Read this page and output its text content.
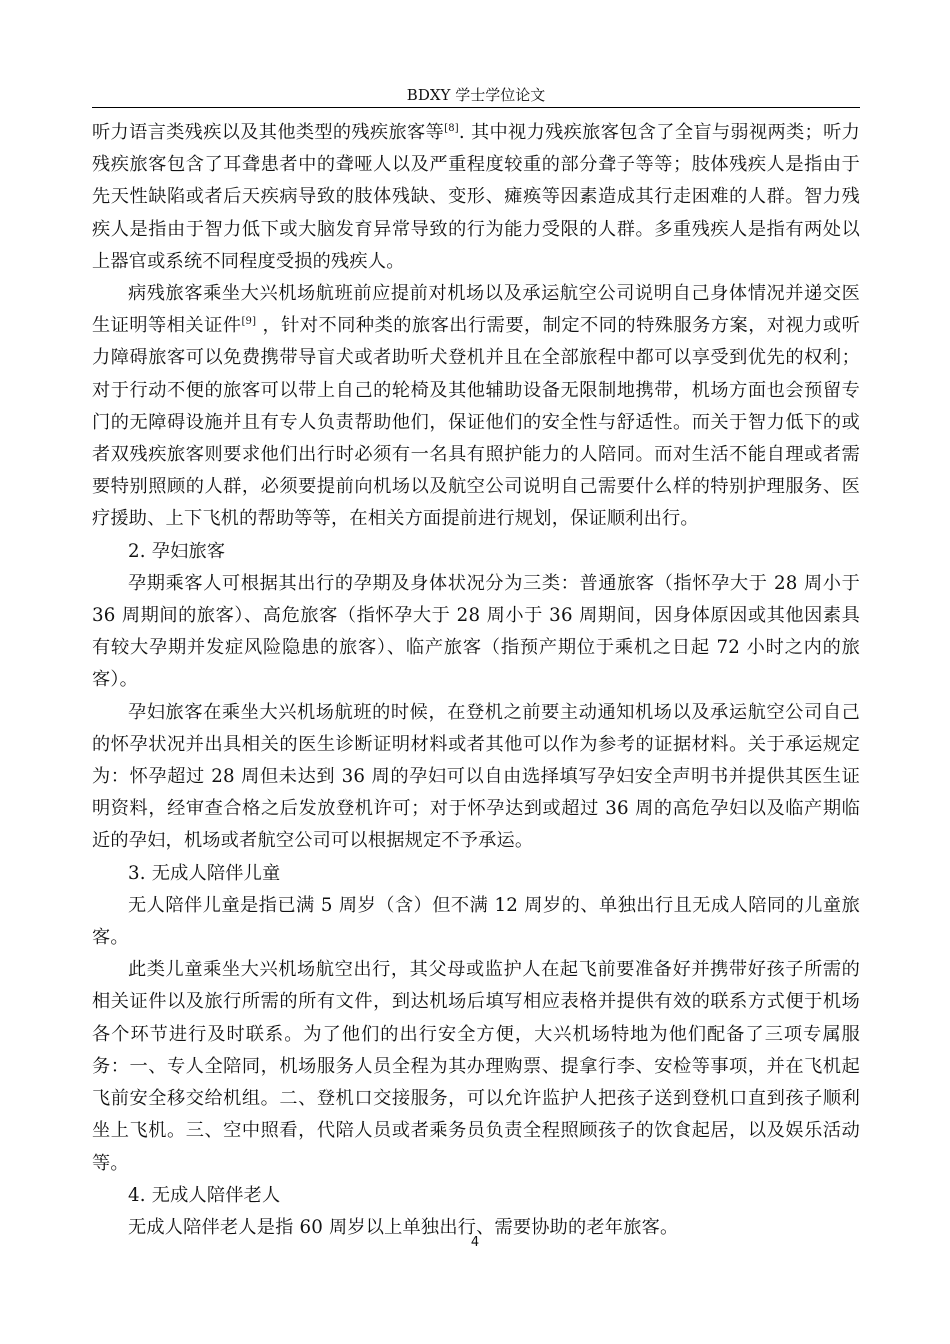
BDXY 学士学位论文

听力语言类残疾以及其他类型的残疾旅客等[8]. 其中视力残疾旅客包含了全盲与弱视两类；听力残疾旅客包含了耳聋患者中的聋哑人以及严重程度较重的部分聋子等等；肢体残疾人是指由于先天性缺陷或者后天疾病导致的肢体残缺、变形、瘫痪等因素造成其行走困难的人群。智力残疾人是指由于智力低下或大脑发育异常导致的行为能力受限的人群。多重残疾人是指有两处以上器官或系统不同程度受损的残疾人。

病残旅客乘坐大兴机场航班前应提前对机场以及承运航空公司说明自己身体情况并递交医生证明等相关证件[9] ，针对不同种类的旅客出行需要，制定不同的特殊服务方案，对视力或听力障碍旅客可以免费携带导盲犬或者助听犬登机并且在全部旅程中都可以享受到优先的权利；对于行动不便的旅客可以带上自己的轮椅及其他辅助设备无限制地携带，机场方面也会预留专门的无障碍设施并且有专人负责帮助他们，保证他们的安全性与舒适性。而关于智力低下的或者双残疾旅客则要求他们出行时必须有一名具有照护能力的人陪同。而对生活不能自理或者需要特别照顾的人群，必须要提前向机场以及航空公司说明自己需要什么样的特别护理服务、医疗援助、上下飞机的帮助等等，在相关方面提前进行规划，保证顺利出行。

2. 孕妇旅客

孕期乘客人可根据其出行的孕期及身体状况分为三类：普通旅客（指怀孕大于 28 周小于 36 周期间的旅客）、高危旅客（指怀孕大于 28 周小于 36 周期间，因身体原因或其他因素具有较大孕期并发症风险隐患的旅客）、临产旅客（指预产期位于乘机之日起 72 小时之内的旅客）。

孕妇旅客在乘坐大兴机场航班的时候，在登机之前要主动通知机场以及承运航空公司自己的怀孕状况并出具相关的医生诊断证明材料或者其他可以作为参考的证据材料。关于承运规定为：怀孕超过 28 周但未达到 36 周的孕妇可以自由选择填写孕妇安全声明书并提供其医生证明资料，经审查合格之后发放登机许可；对于怀孕达到或超过 36 周的高危孕妇以及临产期临近的孕妇，机场或者航空公司可以根据规定不予承运。

3. 无成人陪伴儿童

无人陪伴儿童是指已满 5 周岁（含）但不满 12 周岁的、单独出行且无成人陪同的儿童旅客。

此类儿童乘坐大兴机场航空出行，其父母或监护人在起飞前要准备好并携带好孩子所需的相关证件以及旅行所需的所有文件，到达机场后填写相应表格并提供有效的联系方式便于机场各个环节进行及时联系。为了他们的出行安全方便，大兴机场特地为他们配备了三项专属服务：一、专人全陪同，机场服务人员全程为其办理购票、提拿行李、安检等事项，并在飞机起飞前安全移交给机组。二、登机口交接服务，可以允许监护人把孩子送到登机口直到孩子顺利坐上飞机。三、空中照看，代陪人员或者乘务员负责全程照顾孩子的饮食起居，以及娱乐活动等。

4. 无成人陪伴老人

无成人陪伴老人是指 60 周岁以上单独出行、需要协助的老年旅客。

4
